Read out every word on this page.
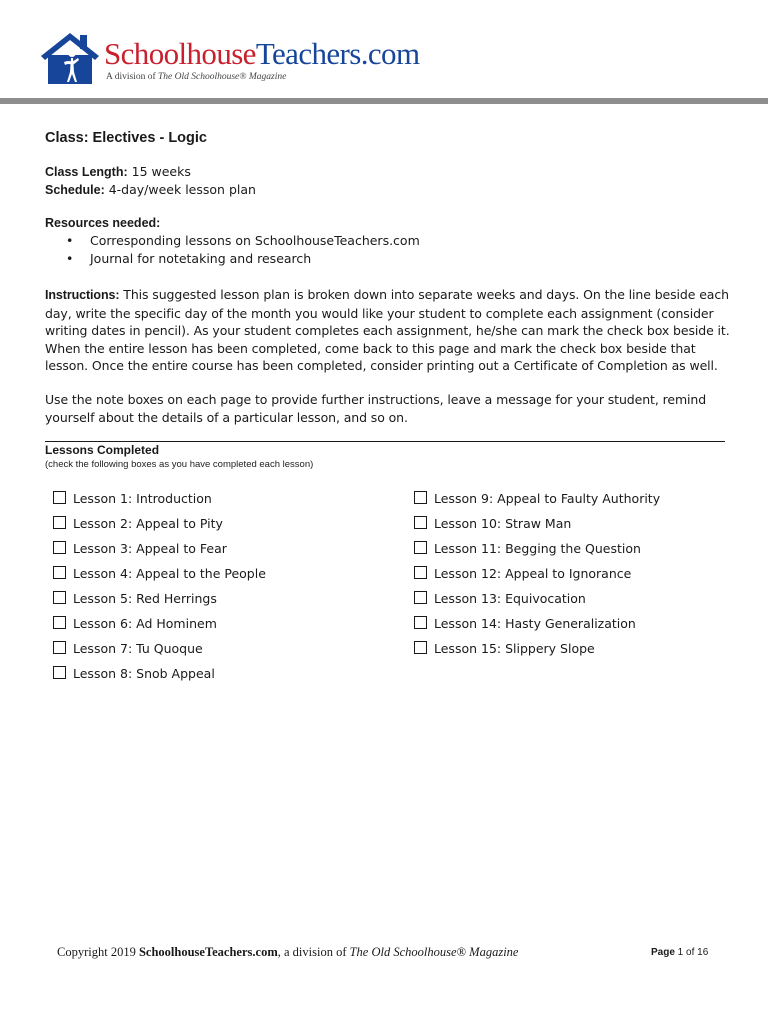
SchoolhouseTeachers.com
A division of The Old Schoolhouse® Magazine
Class: Electives - Logic
Class Length: 15 weeks
Schedule: 4-day/week lesson plan
Resources needed:
• Corresponding lessons on SchoolhouseTeachers.com
• Journal for notetaking and research
Instructions: This suggested lesson plan is broken down into separate weeks and days. On the line beside each day, write the specific day of the month you would like your student to complete each assignment (consider writing dates in pencil). As your student completes each assignment, he/she can mark the check box beside it. When the entire lesson has been completed, come back to this page and mark the check box beside that lesson. Once the entire course has been completed, consider printing out a Certificate of Completion as well.
Use the note boxes on each page to provide further instructions, leave a message for your student, remind yourself about the details of a particular lesson, and so on.
Lessons Completed
(check the following boxes as you have completed each lesson)
Lesson 1: Introduction
Lesson 2: Appeal to Pity
Lesson 3: Appeal to Fear
Lesson 4: Appeal to the People
Lesson 5: Red Herrings
Lesson 6: Ad Hominem
Lesson 7: Tu Quoque
Lesson 8: Snob Appeal
Lesson 9: Appeal to Faulty Authority
Lesson 10: Straw Man
Lesson 11: Begging the Question
Lesson 12: Appeal to Ignorance
Lesson 13: Equivocation
Lesson 14: Hasty Generalization
Lesson 15: Slippery Slope
Copyright 2019 SchoolhouseTeachers.com, a division of The Old Schoolhouse® Magazine	Page 1 of 16
